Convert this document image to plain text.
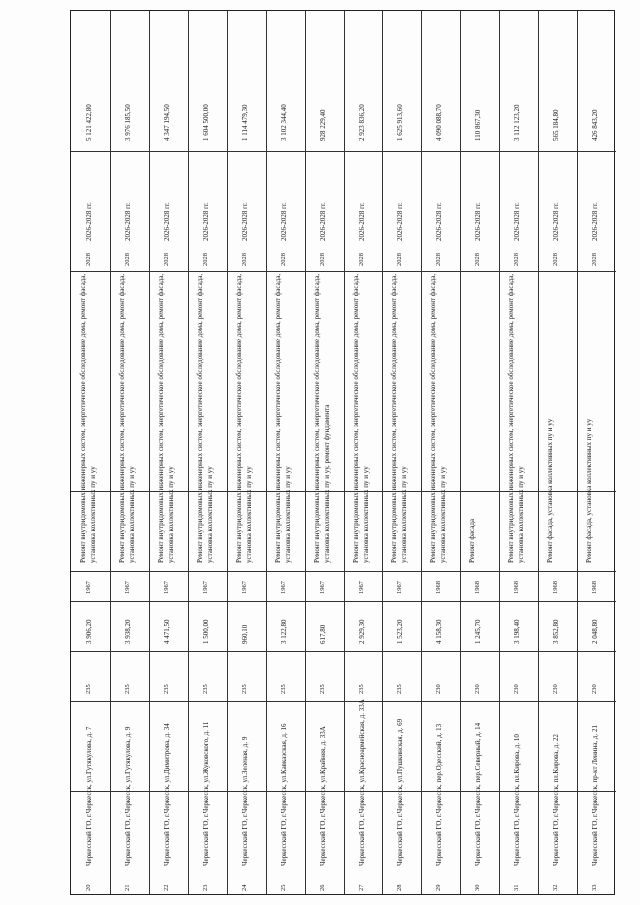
20
Черкесский ГО, г.Черкесск, ул.Гутякулова, д. 7
235
3 906,20
1967
Ремонт внутридомовых инженерных систем, энергетическое обследование дома, ремонт фасада, установка коллективных пу и уу
2028
2026-2028 гг.
5 121 422,80
21
Черкесский ГО, г.Черкесск, ул.Гутякулова, д. 9
235
3 938,20
1967
Ремонт внутридомовых инженерных систем, энергетическое обследование дома, ремонт фасада, установка коллективных пу и уу
2028
2026-2028 гг.
3 976 185,50
22
Черкесский ГО, г.Черкесск, ул.Димитрова, д. 34
235
4 471,50
1967
Ремонт внутридомовых инженерных систем, энергетическое обследование дома, ремонт фасада, установка коллективных пу и уу
2028
2026-2028 гг.
4 347 194,50
23
Черкесский ГО, г.Черкесск, ул.Жуковского, д. 11
235
1 500,00
1967
Ремонт внутридомовых инженерных систем, энергетическое обследование дома, ремонт фасада, установка коллективных пу и уу
2028
2026-2028 гг.
1 604 500,00
24
Черкесский ГО, г.Черкесск, ул.Зеленая, д. 9
235
960,10
1967
Ремонт внутридомовых инженерных систем, энергетическое обследование дома, ремонт фасада, установка коллективных пу и уу
2028
2026-2028 гг.
1 114 479,30
25
Черкесский ГО, г.Черкесск, ул.Кавказская, д. 16
235
3 122,80
1967
Ремонт внутридомовых инженерных систем, энергетическое обследование дома, ремонт фасада, установка коллективных пу и уу
2028
2026-2028 гг.
3 102 344,40
26
Черкесский ГО, г.Черкесск, ул.Крайняя, д. 33А
235
617,80
1967
Ремонт внутридомовых инженерных систем, энергетическое обследование дома, ремонт фасада, установка коллективных пу и уу, ремонт фундамента
2028
2026-2028 гг.
928 229,40
27
Черкесский ГО, г.Черкесск, ул.Красноармейская, д. 33А
235
2 929,30
1967
Ремонт внутридомовых инженерных систем, энергетическое обследование дома, ремонт фасада, установка коллективных пу и уу
2028
2026-2028 гг.
2 923 836,20
28
Черкесский ГО, г.Черкесск, ул.Пушкинская, д. 69
235
1 523,20
1967
Ремонт внутридомовых инженерных систем, энергетическое обследование дома, ремонт фасада, установка коллективных пу и уу
2028
2026-2028 гг.
1 625 913,60
29
Черкесский ГО, г.Черкесск, пер.Одесский, д. 13
230
4 158,30
1968
Ремонт внутридомовых инженерных систем, энергетическое обследование дома, ремонт фасада, установка коллективных пу и уу
2028
2026-2028 гг.
4 090 088,70
30
Черкесский ГО, г.Черкесск, пер.Северный, д. 14
230
1 245,70
1968
Ремонт фасада
2028
2026-2028 гг.
110 867,30
31
Черкесский ГО, г.Черкесск, пл.Кирова, д. 10
230
3 198,40
1968
Ремонт внутридомовых инженерных систем, энергетическое обследование дома, ремонт фасада, установка коллективных пу и уу
2028
2026-2028 гг.
3 112 123,20
32
Черкесский ГО, г.Черкесск, пл.Кирова, д. 22
230
3 852,80
1968
Ремонт фасада, установка коллективных пу и уу
2028
2026-2028 гг.
565 184,80
33
Черкесский ГО, г.Черкесск, пр-кт Ленина, д. 21
230
2 048,80
1968
Ремонт фасада, установка коллективных пу и уу
2028
2026-2028 гг.
426 843,20
